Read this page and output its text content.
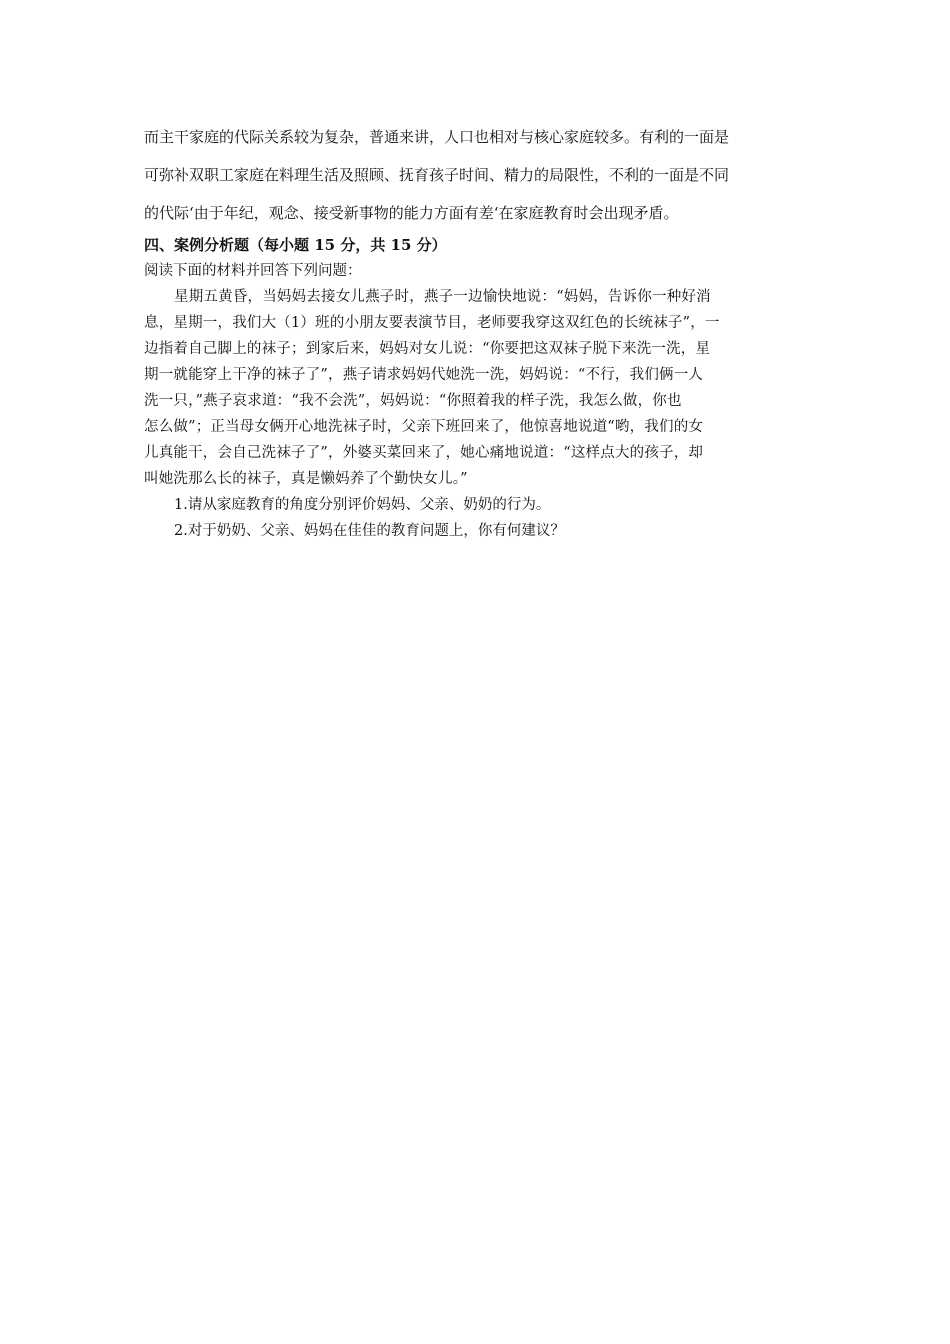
而主干家庭的代际关系较为复杂，普通来讲，人口也相对与核心家庭较多。有利的一面是

可弥补双职工家庭在料理生活及照顾、抚育孩子时间、精力的局限性，不利的一面是不同

的代际‘由于年纪，观念、接受新事物的能力方面有差‘在家庭教育时会出现矛盾。

四、案例分析题（每小题 15 分，共 15 分）

阅读下面的材料并回答下列问题：

星期五黄昏，当妈妈去接女儿燕子时，燕子一边愉快地说：“妈妈，告诉你一种好消

息，星期一，我们大（1）班的小朋友要表演节目，老师要我穿这双红色的长统袜子”，一

边指着自己脚上的袜子；到家后来，妈妈对女儿说：“你要把这双袜子脱下来洗一洗，星

期一就能穿上干净的袜子了”，燕子请求妈妈代她洗一洗，妈妈说：“不行，我们俩一人

洗一只，”燕子哀求道：“我不会洗”，妈妈说：“你照着我的样子洗，我怎么做，你也

怎么做”；正当母女俩开心地洗袜子时，父亲下班回来了，他惊喜地说道“哟，我们的女

儿真能干，会自己洗袜子了”，外婆买菜回来了，她心痛地说道：“这样点大的孩子，却

叫她洗那么长的袜子，真是懒妈养了个勤快女儿。”

1.请从家庭教育的角度分别评价妈妈、父亲、奶奶的行为。

2.对于奶奶、父亲、妈妈在佳佳的教育问题上，你有何建议？
